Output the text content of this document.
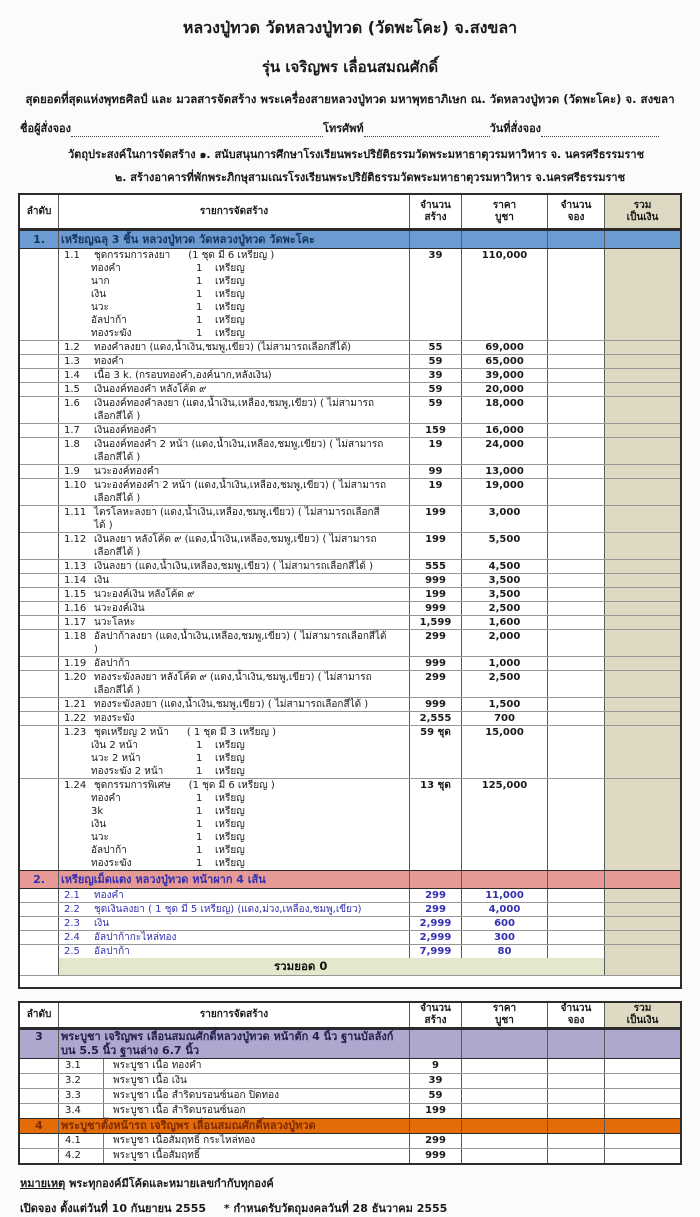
หลวงปู่ทวด วัดหลวงปู่ทวด (วัดพะโคะ) จ.สงขลา
รุ่น เจริญพร เลื่อนสมณศักดิ์
สุดยอดที่สุดแห่งพุทธศิลป์ และ มวลสารจัดสร้าง พระเครื่องสายหลวงปู่ทวด มหาพุทธาภิเษก ณ. วัดหลวงปู่ทวด (วัดพะโคะ) จ. สงขลา
ชื่อผู้สั่งจอง	โทรศัพท์	วันที่สั่งจอง
วัตถุประสงค์ในการจัดสร้าง ๑. สนับสนุนการศึกษาโรงเรียนพระปริยัติธรรมวัดพระมหาธาตุวรมหาวิหาร จ. นครศรีธรรมราช
๒. สร้างอาคารที่พักพระภิกษุสามเณรโรงเรียนพระปริยัติธรรมวัดพระมหาธาตุวรมหาวิหาร จ.นครศรีธรรมราช
ลำดับ	รายการจัดสร้าง
จำนวน
สร้าง
ราคา
บูชา
จำนวน
จอง
รวม
เป็นเงิน
1.	เหรียญฉลุ 3 ชิ้น หลวงปู่ทวด วัดหลวงปู่ทวด วัดพะโคะ
1.1	ชุดกรรมการลงยา (1 ชุด มี 6 เหรียญ )
ทองคำ	1	เหรียญ
นาก	1	เหรียญ
เงิน	1	เหรียญ
นวะ	1	เหรียญ
อัลปาก้า	1	เหรียญ
ทองระฆัง	1	เหรียญ
39	110,000
1.2	ทองคำลงยา (แดง,น้ำเงิน,ชมพู,เขียว) (ไม่สามารถเลือกสีได้)	55	69,000
1.3	ทองคำ	59	65,000
1.4	เนื้อ 3 k. (กรอบทองคำ,องค์นาก,หลังเงิน)	39	39,000
1.5	เงินองค์ทองคำ หลังโค้ด ๙	59	20,000
1.6	เงินองค์ทองคำลงยา (แดง,น้ำเงิน,เหลือง,ชมพู,เขียว) ( ไม่สามารถเลือกสีได้ )
59	18,000
1.7	เงินองค์ทองคำ	159	16,000
1.8	เงินองค์ทองคำ 2 หน้า (แดง,น้ำเงิน,เหลือง,ชมพู,เขียว) ( ไม่สามารถเลือกสีได้ )
19	24,000
1.9	นวะองค์ทองคำ	99	13,000
1.10 นวะองค์ทองคำ 2 หน้า (แดง,น้ำเงิน,เหลือง,ชมพู,เขียว) ( ไม่สามารถเลือกสีได้ )
19	19,000
1.11 ไตรโลหะลงยา (แดง,น้ำเงิน,เหลือง,ชมพู,เขียว) ( ไม่สามารถเลือกสีได้ )
199	3,000
1.12 เงินลงยา หลังโค้ด ๙ (แดง,น้ำเงิน,เหลือง,ชมพู,เขียว) ( ไม่สามารถเลือกสีได้ )
199	5,500
1.13 เงินลงยา (แดง,น้ำเงิน,เหลือง,ชมพู,เขียว) ( ไม่สามารถเลือกสีได้ )	555	4,500
1.14 เงิน	999	3,500
1.15 นวะองค์เงิน หลังโค้ด ๙	199	3,500
1.16 นวะองค์เงิน	999	2,500
1.17 นวะโลหะ	1,599	1,600
1.18 อัลปาก้าลงยา (แดง,น้ำเงิน,เหลือง,ชมพู,เขียว) ( ไม่สามารถเลือกสีได้ )
299	2,000
1.19 อัลปาก้า	999	1,000
1.20 ทองระฆังลงยา หลังโค้ด ๙ (แดง,น้ำเงิน,ชมพู,เขียว) ( ไม่สามารถเลือกสีได้ )
299	2,500
1.21 ทองระฆังลงยา (แดง,น้ำเงิน,ชมพู,เขียว) ( ไม่สามารถเลือกสีได้ )	999	1,500
1.22 ทองระฆัง	2,555	700
1.23 ชุดเหรียญ 2 หน้า ( 1 ชุด มี 3 เหรียญ )
เงิน 2 หน้า	1	เหรียญ
นวะ 2 หน้า	1	เหรียญ
ทองระฆัง 2 หน้า	1	เหรียญ
59 ชุด	15,000
1.24 ชุดกรรมการพิเศษ (1 ชุด มี 6 เหรียญ )
ทองคำ	1	เหรียญ
3k	1	เหรียญ
เงิน	1	เหรียญ
นวะ	1	เหรียญ
อัลปาก้า	1	เหรียญ
ทองระฆัง	1	เหรียญ
13 ชุด	125,000
2.	เหรียญเม็ดแตง หลวงปู่ทวด หน้าผาก 4 เส้น
2.1	ทองคำ	299	11,000
2.2	ชุดเงินลงยา ( 1 ชุด มี 5 เหรียญ) (แดง,ม่วง,เหลือง,ชมพู,เขียว)	299	4,000
2.3	เงิน	2,999	600
2.4	อัลปาก้ากะไหล่ทอง	2,999	300
2.5	อัลปาก้า	7,999	80
รวมยอด 0
ลำดับ	รายการจัดสร้าง
จำนวน
สร้าง
ราคา
บูชา
จำนวน
จอง
รวม
เป็นเงิน
3	พระบูชา เจริญพร เลื่อนสมณศักดิ์หลวงปู่ทวด หน้าตัก 4 นิ้ว ฐานบัลลังก์บน 5.5 นิ้ว ฐานล่าง 6.7 นิ้ว
3.1	พระบูชา เนื้อ ทองคำ	9
3.2	พระบูชา เนื้อ เงิน	39
3.3	พระบูชา เนื้อ สำริดบรอนซ์นอก ปิดทอง	59
3.4	พระบูชา เนื้อ สำริดบรอนซ์นอก	199
4	พระบูชาตั้งหน้ารถ เจริญพร เลื่อนสมณศักดิ์หลวงปู่ทวด
4.1	พระบูชา เนื้อสัมฤทธิ์ กระไหล่ทอง	299
4.2	พระบูชา เนื้อสัมฤทธิ์	999
หมายเหตุ พระทุกองค์มีโค้ดและหมายเลขกำกับทุกองค์
เปิดจอง ตั้งแต่วันที่ 10 กันยายน 2555 * กำหนดรับวัตถุมงคลวันที่ 28 ธันวาคม 2555
